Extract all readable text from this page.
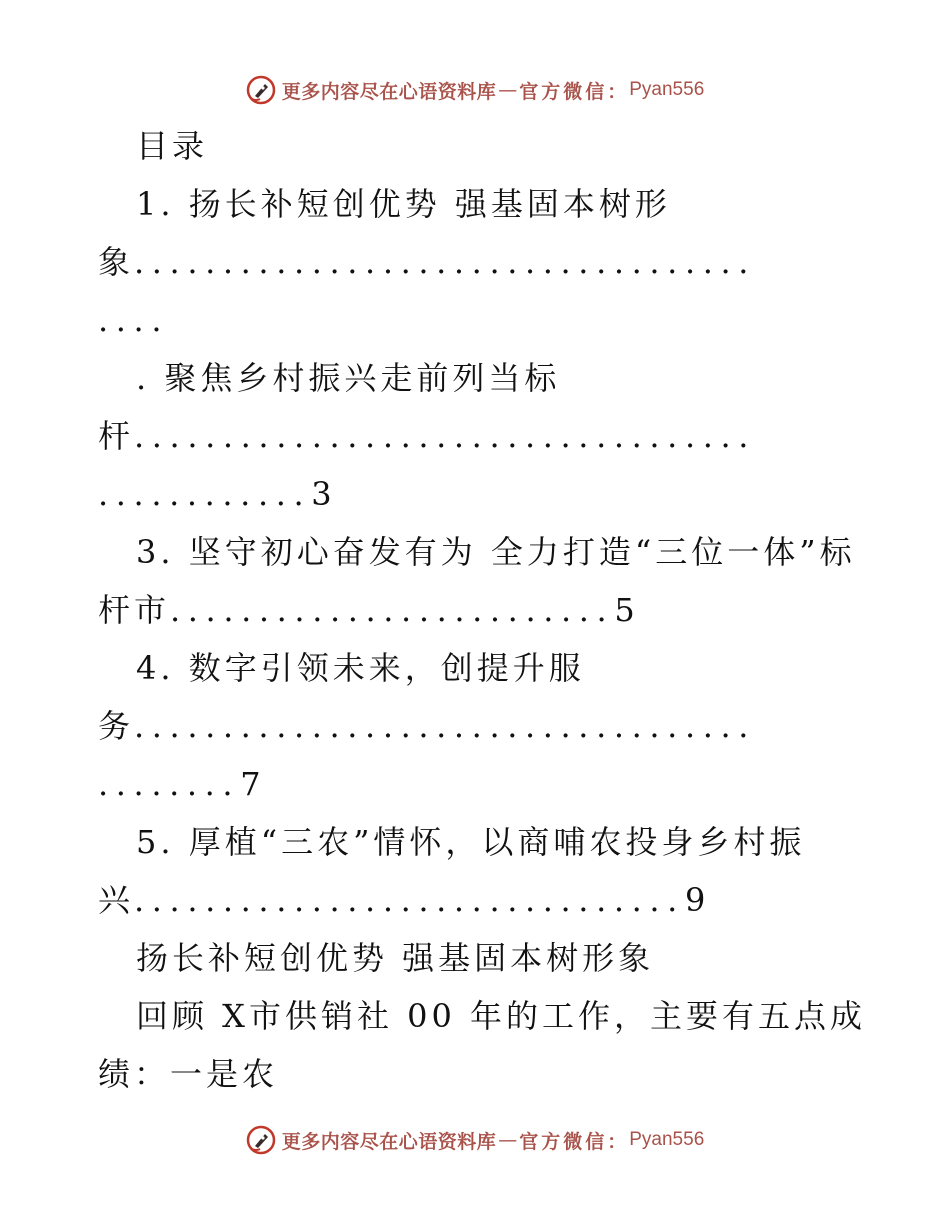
更多内容尽在心语资料库 — 官方微信： Pyan556
目录
1. 扬长补短创优势 强基固本树形
象...................................
....
. 聚焦乡村振兴走前列当标
杆...................................
............3
3. 坚守初心奋发有为 全力打造“三位一体”标
杆市.........................5
4. 数字引领未来，创提升服
务...................................
........7
5. 厚植“三农”情怀，以商哺农投身乡村振
兴...............................9
扬长补短创优势 强基固本树形象
回顾 X市供销社 00 年的工作，主要有五点成
绩：一是农
更多内容尽在心语资料库 — 官方微信： Pyan556
